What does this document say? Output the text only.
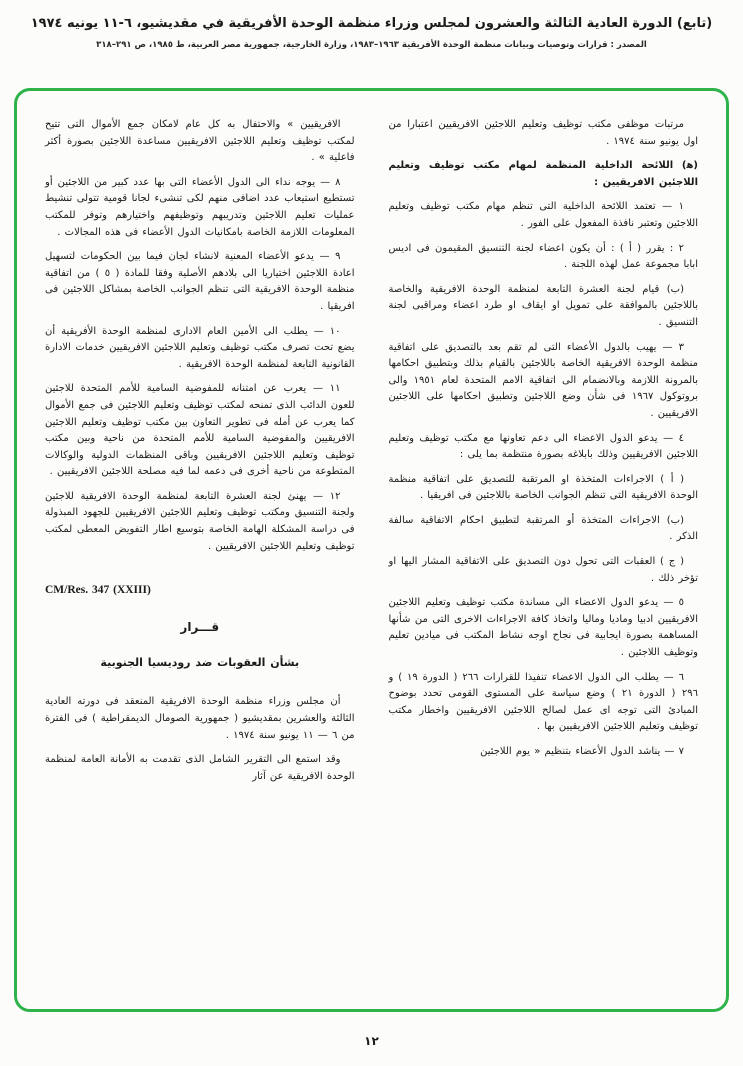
(تابع) الدورة العادية الثالثة والعشرون لمجلس وزراء منظمة الوحدة الأفريقية في مقديشيو، ٦-١١ يونيه ١٩٧٤
المصدر : قرارات وتوصيات وبيانات منظمة الوحدة الأفريقية ١٩٦٣–١٩٨٣، وزارة الخارجية، جمهورية مصر العربية، ط ١٩٨٥، ص ٢٩١–٣١٨
مرتبات موظفى مكتب توظيف وتعليم اللاجئين الافريقيين اعتبارا من اول يونيو سنة ١٩٧٤ .
(ﻫ) اللائحة الداخلية المنظمة لمهام مكتب توظيف وتعليم اللاجئين الافريقيين :
١ — تعتمد اللائحة الداخلية التى تنظم مهام مكتب توظيف وتعليم اللاجئين وتعتبر نافذة المفعول على الفور .
٢ : يقرر ( أ ) : أن يكون اعضاء لجنة التنسيق المقيمون فى اديس ابابا مجموعة عمل لهذه اللجنة .
(ب) قيام لجنة العشرة التابعة لمنظمة الوحدة الافريقية والخاصة باللاجئين بالموافقة على تمويل او ايقاف او طرد اعضاء ومراقبى لجنة التنسيق .
٣ — يهيب بالدول الأعضاء التى لم تقم بعد بالتصديق على اتفاقية منظمة الوحدة الافريقية الخاصة باللاجئين بالقيام بذلك وبتطبيق احكامها بالمرونة اللازمة وبالانضمام الى اتفاقية الامم المتحدة لعام ١٩٥١ والى بروتوكول ١٩٦٧ فى شأن وضع اللاجئين وتطبيق احكامها على اللاجئين الافريقيين .
٤ — يدعو الدول الاعضاء الى دعم تعاونها مع مكتب توظيف وتعليم اللاجئين الافريقيين وذلك بابلاغه بصورة منتظمة بما يلى :
( أ ) الاجراءات المتخذة او المرتقبة للتصديق على اتفاقية منظمة الوحدة الافريقية التى تنظم الجوانب الخاصة باللاجئين فى افريقيا .
(ب) الاجراءات المتخذة أو المرتقبة لتطبيق احكام الاتفاقية سالفة الذكر .
( ج ) العقبات التى تحول دون التصديق على الاتفاقية المشار اليها او تؤخر ذلك .
٥ — يدعو الدول الاعضاء الى مساندة مكتب توظيف وتعليم اللاجئين الافريقيين ادبيا وماديا وماليا واتخاذ كافة الاجراءات الاخرى التى من شأنها المساهمة بصورة ايجابية فى نجاح اوجه نشاط المكتب فى ميادين تعليم وتوظيف اللاجئين .
٦ — يطلب الى الدول الاعضاء تنفيذا للقرارات ٢٦٦ ( الدورة ١٩ ) و ٢٩٦ ( الدورة ٢١ ) وضع سياسة على المستوى القومى تحدد بوضوح المبادئ التى توجه اى عمل لصالح اللاجئين الافريقيين واخطار مكتب توظيف وتعليم اللاجئين الافريقيين بها .
٧ — يناشد الدول الأعضاء بتنظيم « يوم اللاجئين
الافريقيين » والاحتفال به كل عام لامكان جمع الأموال التى تتيح لمكتب توظيف وتعليم اللاجئين الافريقيين مساعدة اللاجئين بصورة أكثر فاعلية » .
٨ — يوجه نداء الى الدول الأعضاء التى بها عدد كبير من اللاجئين أو تستطيع استيعاب عدد اضافى منهم لكى تنشىء لجانا قومية تتولى تنشيط عمليات تعليم اللاجئين وتدريبهم وتوظيفهم واختيارهم وتوفر للمكتب المعلومات اللازمة الخاصة بامكانيات الدول الأعضاء فى هذه المجالات .
٩ — يدعو الأعضاء المعنية لانشاء لجان فيما بين الحكومات لتسهيل اعادة اللاجئين اختياريا الى بلادهم الأصلية وفقا للمادة ( ٥ ) من اتفاقية منظمة الوحدة الافريقية التى تنظم الجوانب الخاصة بمشاكل اللاجئين فى افريقيا .
١٠ — يطلب الى الأمين العام الادارى لمنظمة الوحدة الأفريقية أن يضع تحت تصرف مكتب توظيف وتعليم اللاجئين الافريقيين خدمات الادارة القانونية التابعة لمنظمة الوحدة الافريقية .
١١ — يعرب عن امتنانه للمفوضية السامية للأمم المتحدة للاجئين للعون الدائب الذى تمنحه لمكتب توظيف وتعليم اللاجئين فى جمع الأموال كما يعرب عن أمله فى تطوير التعاون بين مكتب توظيف وتعليم اللاجئين الافريقيين والمفوضية السامية للأمم المتحدة من ناحية وبين مكتب توظيف وتعليم اللاجئين الافريقيين وباقى المنظمات الدولية والوكالات المتطوعة من ناحية أخرى فى دعمه لما فيه مصلحة اللاجئين الافريقيين .
١٢ — يهنئ لجنة العشرة التابعة لمنظمة الوحدة الافريقية للاجئين ولجنة التنسيق ومكتب توظيف وتعليم اللاجئين الافريقيين للجهود المبذولة فى دراسة المشكلة الهامة الخاصة بتوسيع اطار التفويض المعطى لمكتب توظيف وتعليم اللاجئين الافريقيين .
CM/Res. 347 (XXIII)
قـــرار
بشأن العقوبات ضد روديسيا الجنوبية
أن مجلس وزراء منظمة الوحدة الافريقية المنعقد فى دورته العادية الثالثة والعشرين بمقديشيو ( جمهورية الصومال الديمقراطية ) فى الفترة من ٦ — ١١ يونيو سنة ١٩٧٤ .
وقد استمع الى التقرير الشامل الذى تقدمت به الأمانة العامة لمنظمة الوحدة الافريقية عن آثار
١٢
